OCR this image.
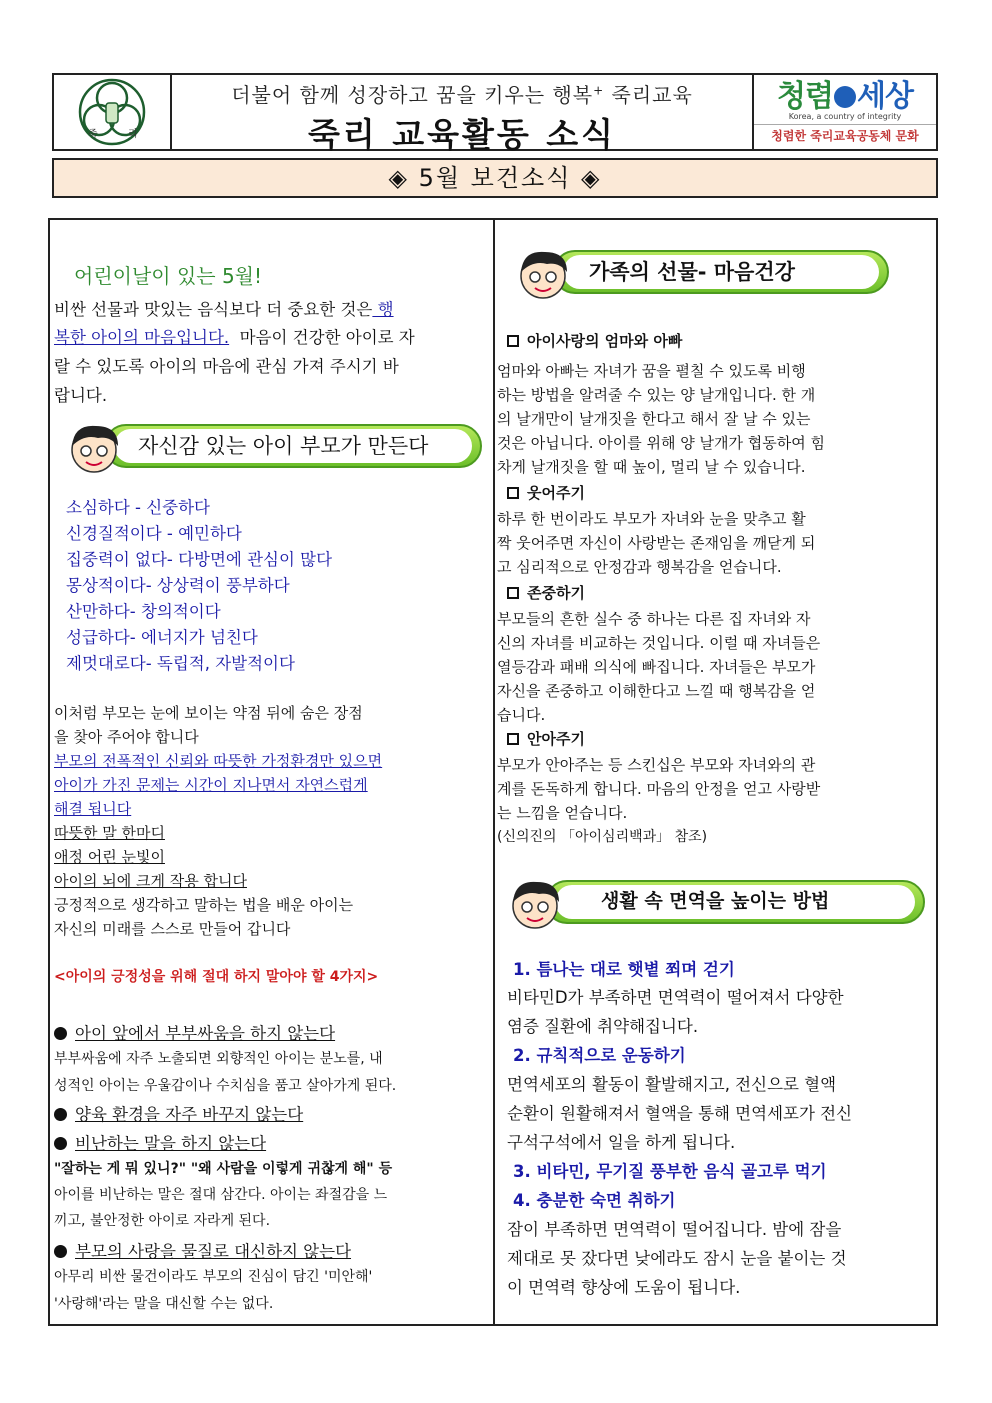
죽	리
더불어 함께 성장하고 꿈을 키우는 행복+ 죽리교육
죽리 교육활동 소식
청렴 세상
Korea, a country of integrity
청렴한 죽리교육공동체 문화
◈ 5월 보건소식 ◈
어린이날이 있는 5월!
비싼 선물과 맛있는 음식보다 더 중요한 것은 행
복한 아이의 마음입니다. 마음이 건강한 아이로 자
랄 수 있도록 아이의 마음에 관심 가져 주시기 바
랍니다.
자신감 있는 아이 부모가 만든다
소심하다 - 신중하다
신경질적이다 - 예민하다
집중력이 없다- 다방면에 관심이 많다
몽상적이다- 상상력이 풍부하다
산만하다- 창의적이다
성급하다- 에너지가 넘친다
제멋대로다- 독립적, 자발적이다
이처럼 부모는 눈에 보이는 약점 뒤에 숨은 장점
을 찾아 주어야 합니다
부모의 전폭적인 신뢰와 따뜻한 가정환경만 있으면
아이가 가진 문제는 시간이 지나면서 자연스럽게
해결 됩니다
따뜻한 말 한마디
애정 어린 눈빛이
아이의 뇌에 크게 작용 합니다
긍정적으로 생각하고 말하는 법을 배운 아이는
자신의 미래를 스스로 만들어 갑니다
<아이의 긍정성을 위해 절대 하지 말아야 할 4가지>
아이 앞에서 부부싸움을 하지 않는다
부부싸움에 자주 노출되면 외향적인 아이는 분노를, 내
성적인 아이는 우울감이나 수치심을 품고 살아가게 된다.
양육 환경을 자주 바꾸지 않는다
비난하는 말을 하지 않는다
"잘하는 게 뭐 있니?" "왜 사람을 이렇게 귀찮게 해" 등
아이를 비난하는 말은 절대 삼간다. 아이는 좌절감을 느
끼고, 불안정한 아이로 자라게 된다.
부모의 사랑을 물질로 대신하지 않는다
아무리 비싼 물건이라도 부모의 진심이 담긴 '미안해'
'사랑해'라는 말을 대신할 수는 없다.
가족의 선물- 마음건강
아이사랑의 엄마와 아빠
엄마와 아빠는 자녀가 꿈을 펼칠 수 있도록 비행
하는 방법을 알려줄 수 있는 양 날개입니다. 한 개
의 날개만이 날개짓을 한다고 해서 잘 날 수 있는
것은 아닙니다. 아이를 위해 양 날개가 협동하여 힘
차게 날개짓을 할 때 높이, 멀리 날 수 있습니다.
웃어주기
하루 한 번이라도 부모가 자녀와 눈을 맞추고 활
짝 웃어주면 자신이 사랑받는 존재임을 깨닫게 되
고 심리적으로 안정감과 행복감을 얻습니다.
존중하기
부모들의 흔한 실수 중 하나는 다른 집 자녀와 자
신의 자녀를 비교하는 것입니다. 이럴 때 자녀들은
열등감과 패배 의식에 빠집니다. 자녀들은 부모가
자신을 존중하고 이해한다고 느낄 때 행복감을 얻
습니다.
안아주기
부모가 안아주는 등 스킨십은 부모와 자녀와의 관
계를 돈독하게 합니다. 마음의 안정을 얻고 사랑받
는 느낌을 얻습니다.
(신의진의 「아이심리백과」 참조)
생활 속 면역을 높이는 방법
1. 틈나는 대로 햇볕 쬐며 걷기
비타민D가 부족하면 면역력이 떨어져서 다양한
염증 질환에 취약해집니다.
2. 규칙적으로 운동하기
면역세포의 활동이 활발해지고, 전신으로 혈액
순환이 원활해져서 혈액을 통해 면역세포가 전신
구석구석에서 일을 하게 됩니다.
3. 비타민, 무기질 풍부한 음식 골고루 먹기
4. 충분한 숙면 취하기
잠이 부족하면 면역력이 떨어집니다. 밤에 잠을
제대로 못 잤다면 낮에라도 잠시 눈을 붙이는 것
이 면역력 향상에 도움이 됩니다.
